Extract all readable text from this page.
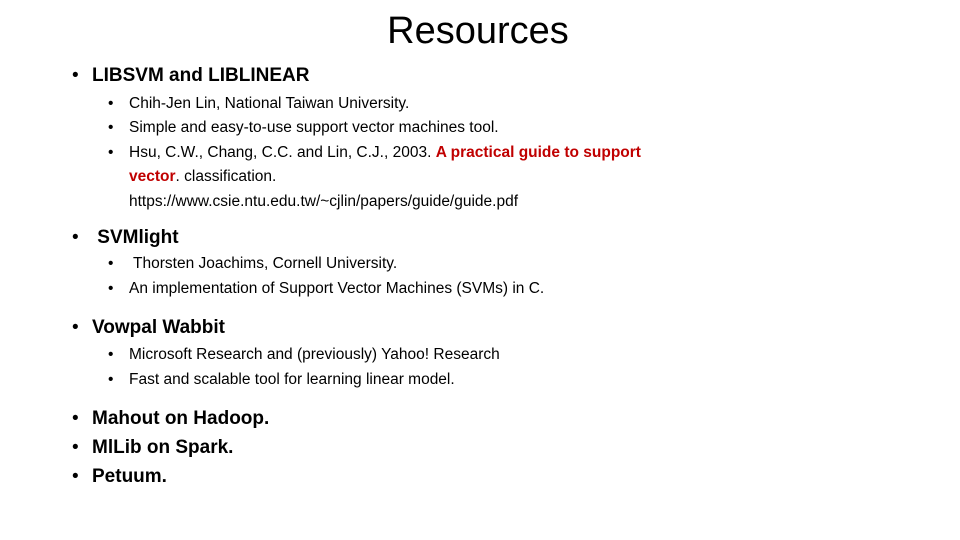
Resources
• LIBSVM and LIBLINEAR
• Chih-Jen Lin, National Taiwan University.
• Simple and easy-to-use support vector machines tool.
• Hsu, C.W., Chang, C.C. and Lin, C.J., 2003. A practical guide to support
vector. classification.
https://www.csie.ntu.edu.tw/~cjlin/papers/guide/guide.pdf
• SVMlight
• Thorsten Joachims, Cornell University.
• An implementation of Support Vector Machines (SVMs) in C.
• Vowpal Wabbit
• Microsoft Research and (previously) Yahoo! Research
• Fast and scalable tool for learning linear model.
• Mahout on Hadoop.
• MlLib on Spark.
• Petuum.
